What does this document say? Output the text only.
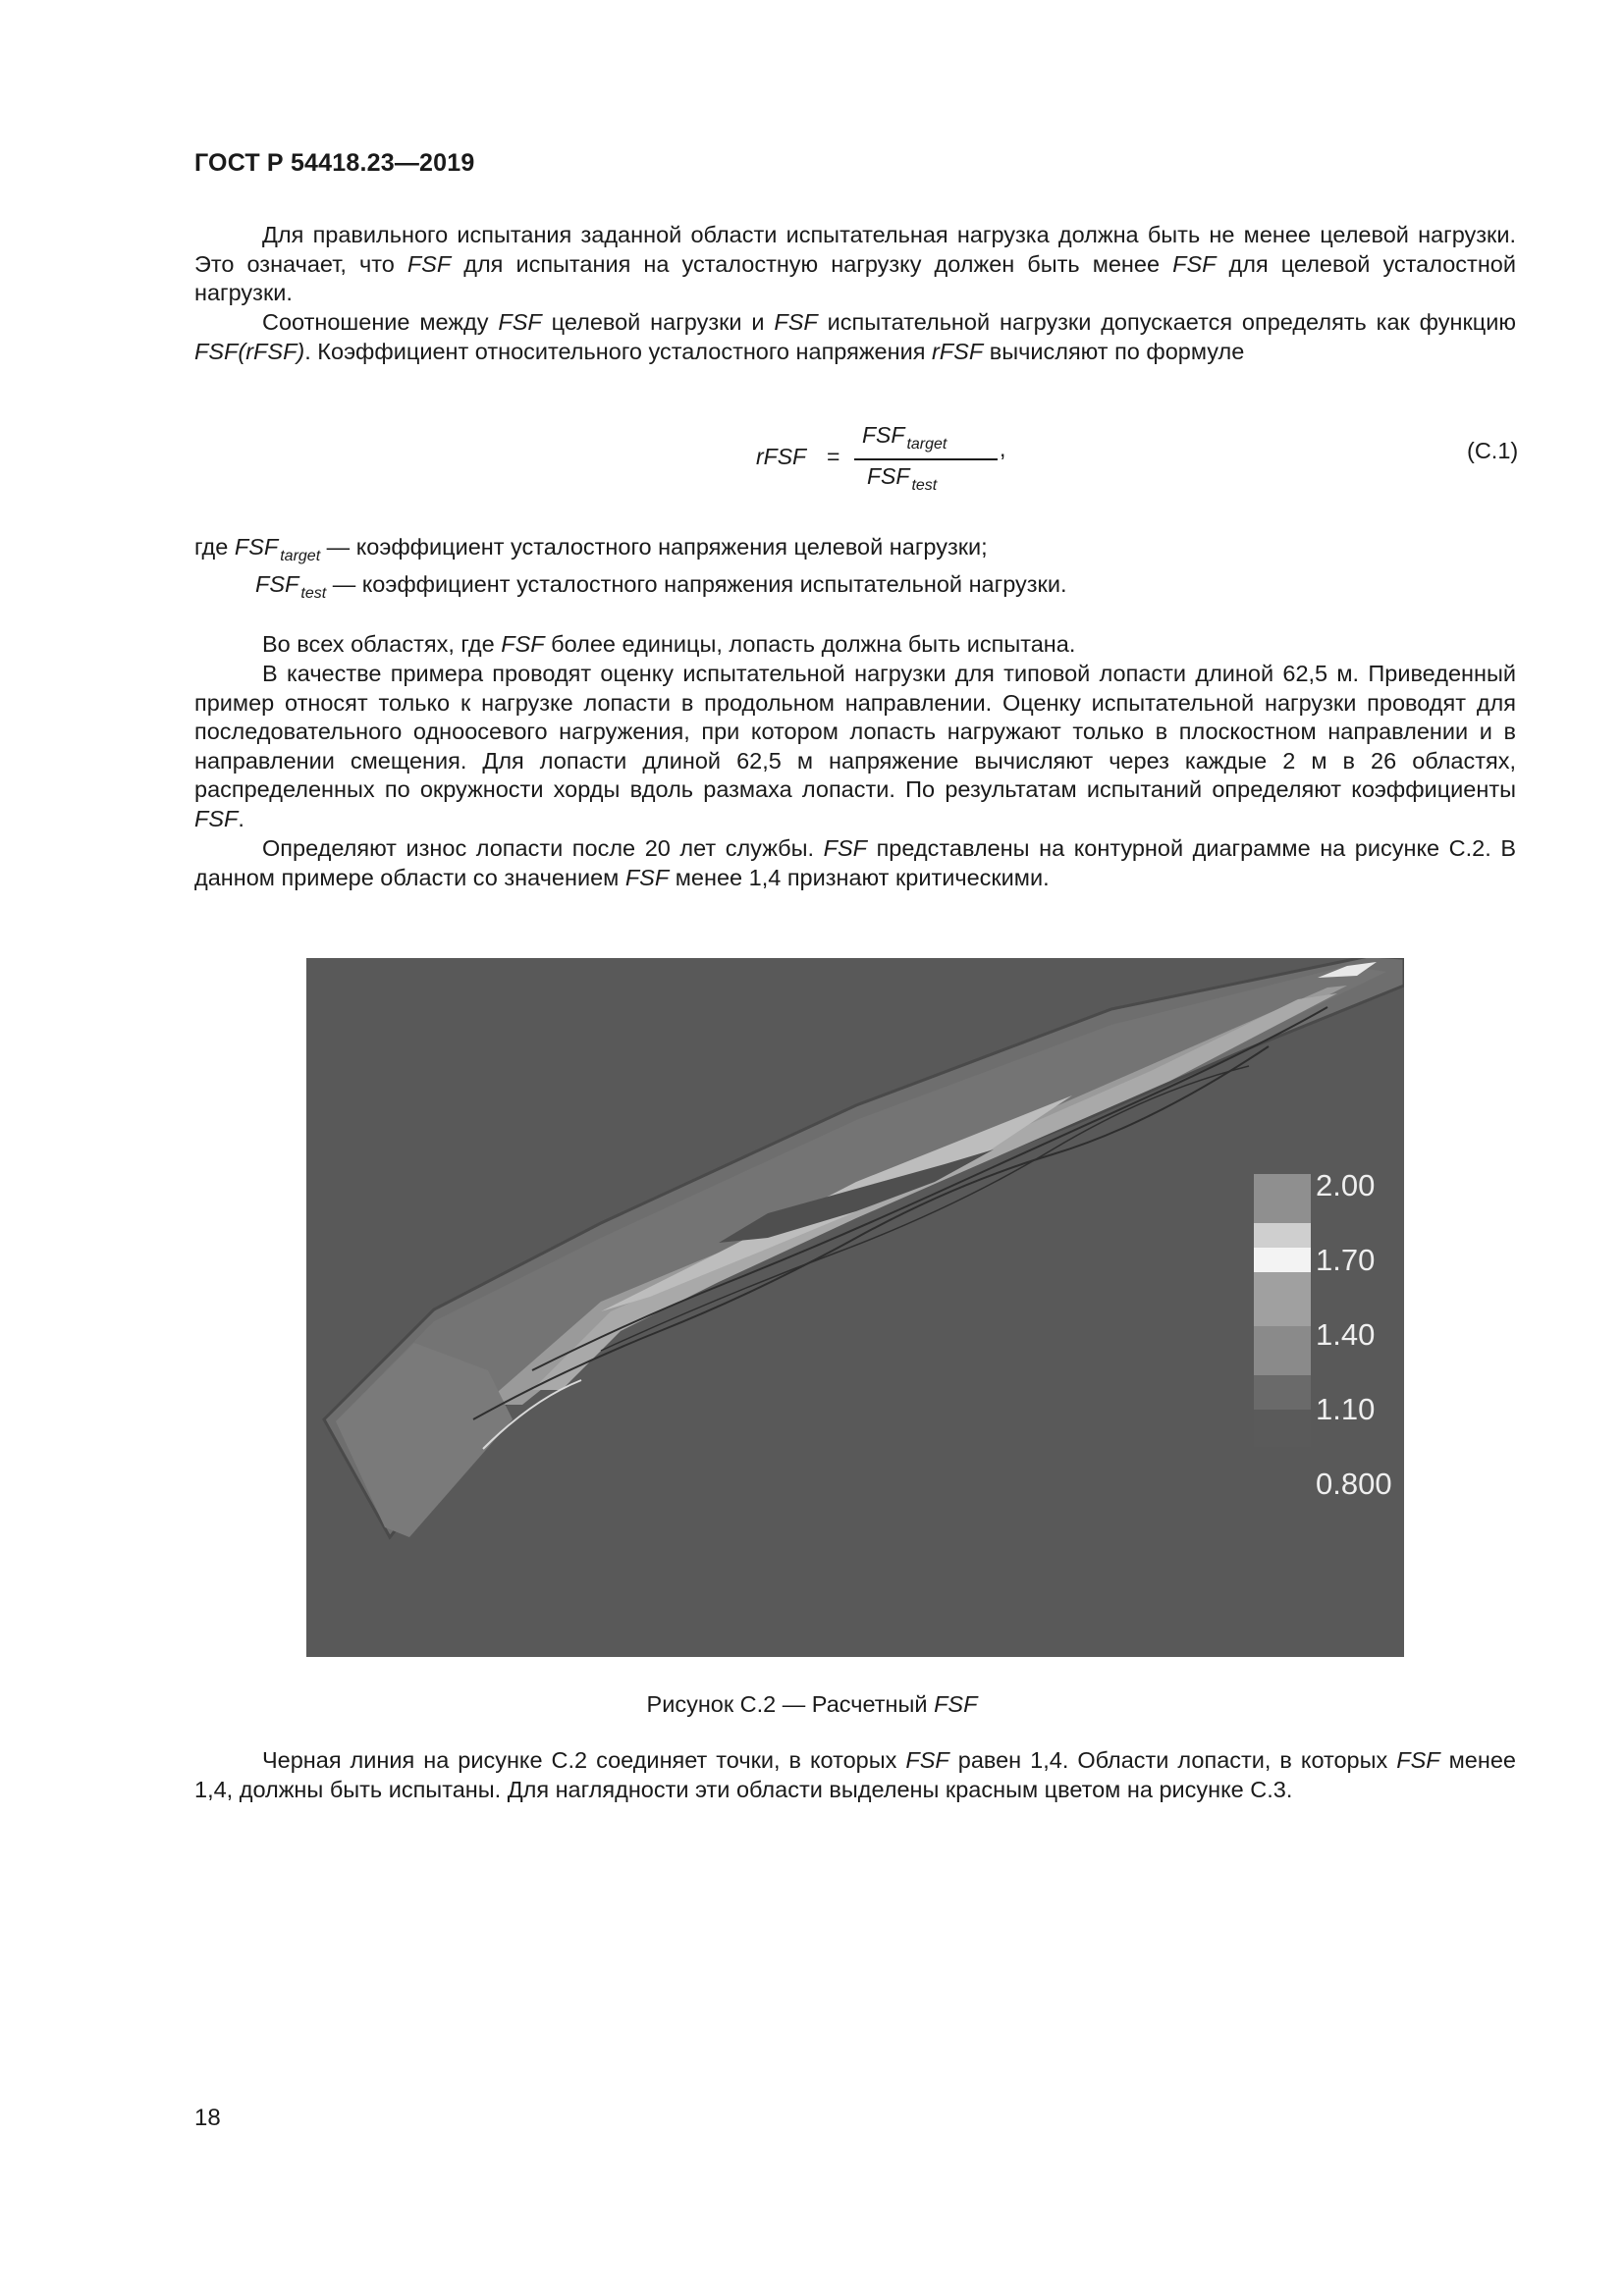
ГОСТ Р 54418.23—2019

Для правильного испытания заданной области испытательная нагрузка должна быть не менее целевой нагрузки. Это означает, что FSF для испытания на усталостную нагрузку должен быть менее FSF для целевой усталостной нагрузки.

Соотношение между FSF целевой нагрузки и FSF испытательной нагрузки допускается определять как функцию FSF(rFSF). Коэффициент относительного усталостного напряжения rFSF вычисляют по формуле

rFSF =
FSF $_{target}$
FSF $_{test}$
,	(С.1)
где FSF $_{target}$ — коэффициент усталостного напряжения целевой нагрузки;
FSF $_{test}$ — коэффициент усталостного напряжения испытательной нагрузки.

Во всех областях, где FSF более единицы, лопасть должна быть испытана.

В качестве примера проводят оценку испытательной нагрузки для типовой лопасти длиной 62,5 м. Приведенный пример относят только к нагрузке лопасти в продольном направлении. Оценку испытательной нагрузки проводят для последовательного одноосевого нагружения, при котором лопасть нагружают только в плоскостном направлении и в направлении смещения. Для лопасти длиной 62,5 м напряжение вычисляют через каждые 2 м в 26 областях, распределенных по окружности хорды вдоль размаха лопасти. По результатам испытаний определяют коэффициенты FSF.

Определяют износ лопасти после 20 лет службы. FSF представлены на контурной диаграмме на рисунке С.2. В данном примере области со значением FSF менее 1,4 признают критическими.

2.00
1.70
1.40
1.10
0.800
Рисунок С.2 — Расчетный FSF

Черная линия на рисунке С.2 соединяет точки, в которых FSF равен 1,4. Области лопасти, в которых FSF менее 1,4, должны быть испытаны. Для наглядности эти области выделены красным цветом на рисунке С.3.

18
